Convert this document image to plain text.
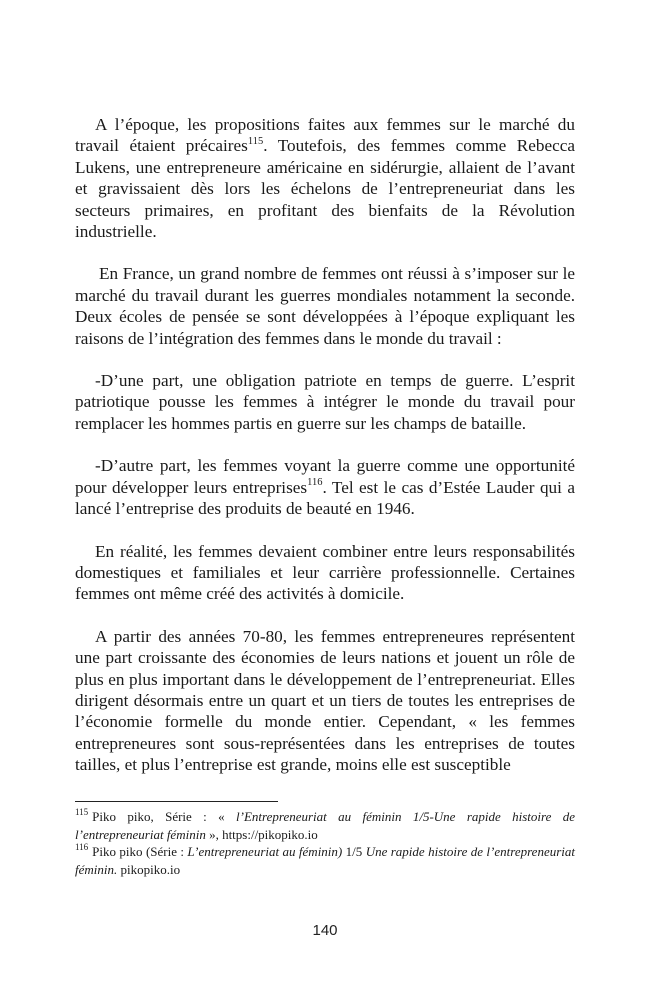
A l’époque, les propositions faites aux femmes sur le marché du travail étaient précaires$^{115}$. Toutefois, des femmes comme Rebecca Lukens, une entrepreneure américaine en sidérurgie, allaient de l’avant et gravissaient dès lors les échelons de l’entrepreneuriat dans les secteurs primaires, en profitant des bienfaits de la Révolution industrielle.

En France, un grand nombre de femmes ont réussi à s’imposer sur le marché du travail durant les guerres mondiales notamment la seconde. Deux écoles de pensée se sont développées à l’époque expliquant les raisons de l’intégration des femmes dans le monde du travail :

-D’une part, une obligation patriote en temps de guerre. L’esprit patriotique pousse les femmes à intégrer le monde du travail pour remplacer les hommes partis en guerre sur les champs de bataille.

-D’autre part, les femmes voyant la guerre comme une opportunité pour développer leurs entreprises$^{116}$. Tel est le cas d’Estée Lauder qui a lancé l’entreprise des produits de beauté en 1946.

En réalité, les femmes devaient combiner entre leurs responsabilités domestiques et familiales et leur carrière professionnelle. Certaines femmes ont même créé des activités à domicile.

A partir des années 70-80, les femmes entrepreneures représentent une part croissante des économies de leurs nations et jouent un rôle de plus en plus important dans le développement de l’entrepreneuriat. Elles dirigent désormais entre un quart et un tiers de toutes les entreprises de l’économie formelle du monde entier. Cependant, « les femmes entrepreneures sont sous-représentées dans les entreprises de toutes tailles, et plus l’entreprise est grande, moins elle est susceptible

$^{115}$ Piko piko, Série : « l’Entrepreneuriat au féminin 1/5-Une rapide histoire de l’entrepreneuriat féminin », https://pikopiko.io

$^{116}$ Piko piko (Série : L’entrepreneuriat au féminin) 1/5 Une rapide histoire de l’entrepreneuriat féminin. pikopiko.io

140
